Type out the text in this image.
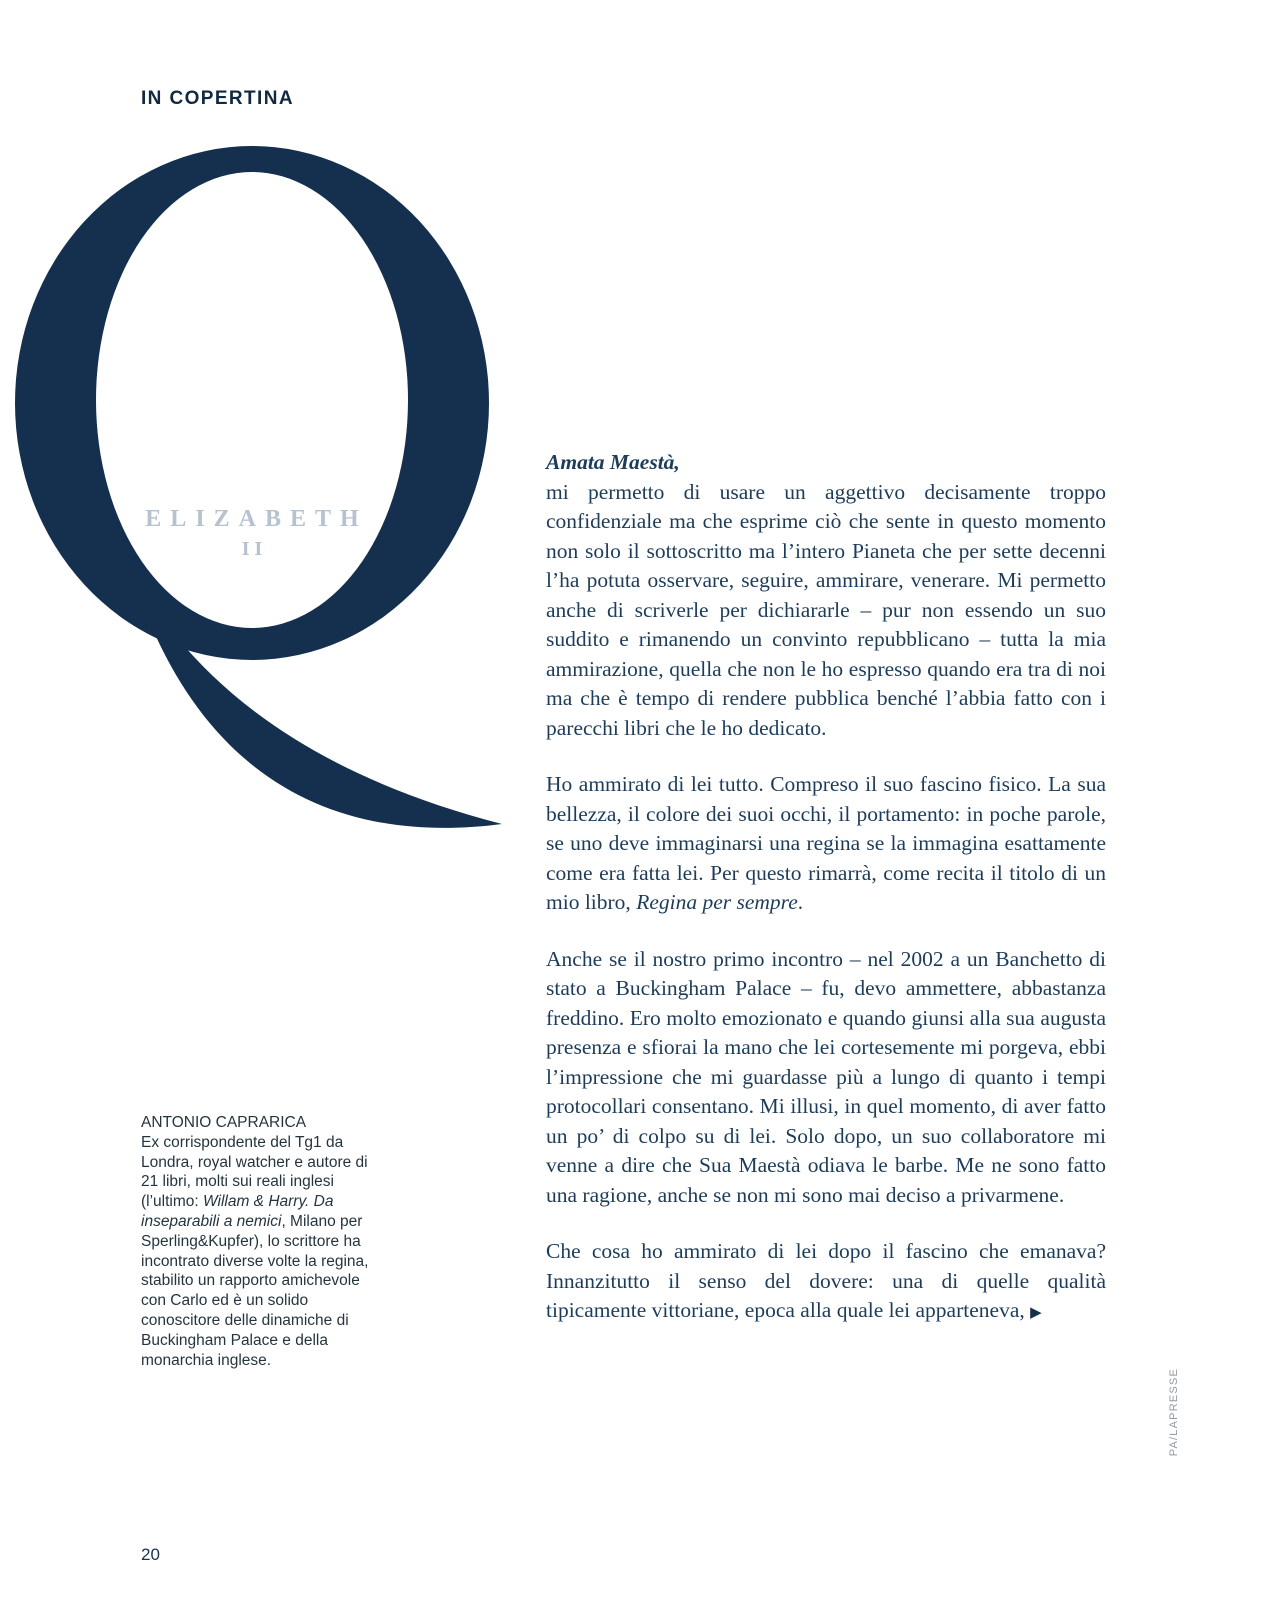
IN COPERTINA
ELIZABETH
II

Amata Maestà,

mi permetto di usare un aggettivo decisamente troppo confidenziale ma che esprime ciò che sente in questo momento non solo il sottoscritto ma l’intero Pianeta che per sette decenni l’ha potuta osservare, seguire, ammirare, venerare. Mi permetto anche di scriverle per dichiararle – pur non essendo un suo suddito e rimanendo un convinto repubblicano – tutta la mia ammirazione, quella che non le ho espresso quando era tra di noi ma che è tempo di rendere pubblica benché l’abbia fatto con i parecchi libri che le ho dedicato.

Ho ammirato di lei tutto. Compreso il suo fascino fisico. La sua bellezza, il colore dei suoi occhi, il portamento: in poche parole, se uno deve immaginarsi una regina se la immagina esattamente come era fatta lei. Per questo rimarrà, come recita il titolo di un mio libro, Regina per sempre.

Anche se il nostro primo incontro – nel 2002 a un Banchetto di stato a Buckingham Palace – fu, devo ammettere, abbastanza freddino. Ero molto emozionato e quando giunsi alla sua augusta presenza e sfiorai la mano che lei cortesemente mi porgeva, ebbi l’impressione che mi guardasse più a lungo di quanto i tempi protocollari consentano. Mi illusi, in quel momento, di aver fatto un po’ di colpo su di lei. Solo dopo, un suo collaboratore mi venne a dire che Sua Maestà odiava le barbe. Me ne sono fatto una ragione, anche se non mi sono mai deciso a privarmene.

Che cosa ho ammirato di lei dopo il fascino che emanava? Innanzitutto il senso del dovere: una di quelle qualità tipicamente vittoriane, epoca alla quale lei apparteneva, ▶

ANTONIO CAPRARICA
Ex corrispondente del Tg1 da Londra, royal watcher e autore di 21 libri, molti sui reali inglesi (l’ultimo: Willam & Harry. Da inseparabili a nemici, Milano per Sperling&Kupfer), lo scrittore ha incontrato diverse volte la regina, stabilito un rapporto amichevole con Carlo ed è un solido conoscitore delle dinamiche di Buckingham Palace e della monarchia inglese.
20
PA/LAPRESSE
